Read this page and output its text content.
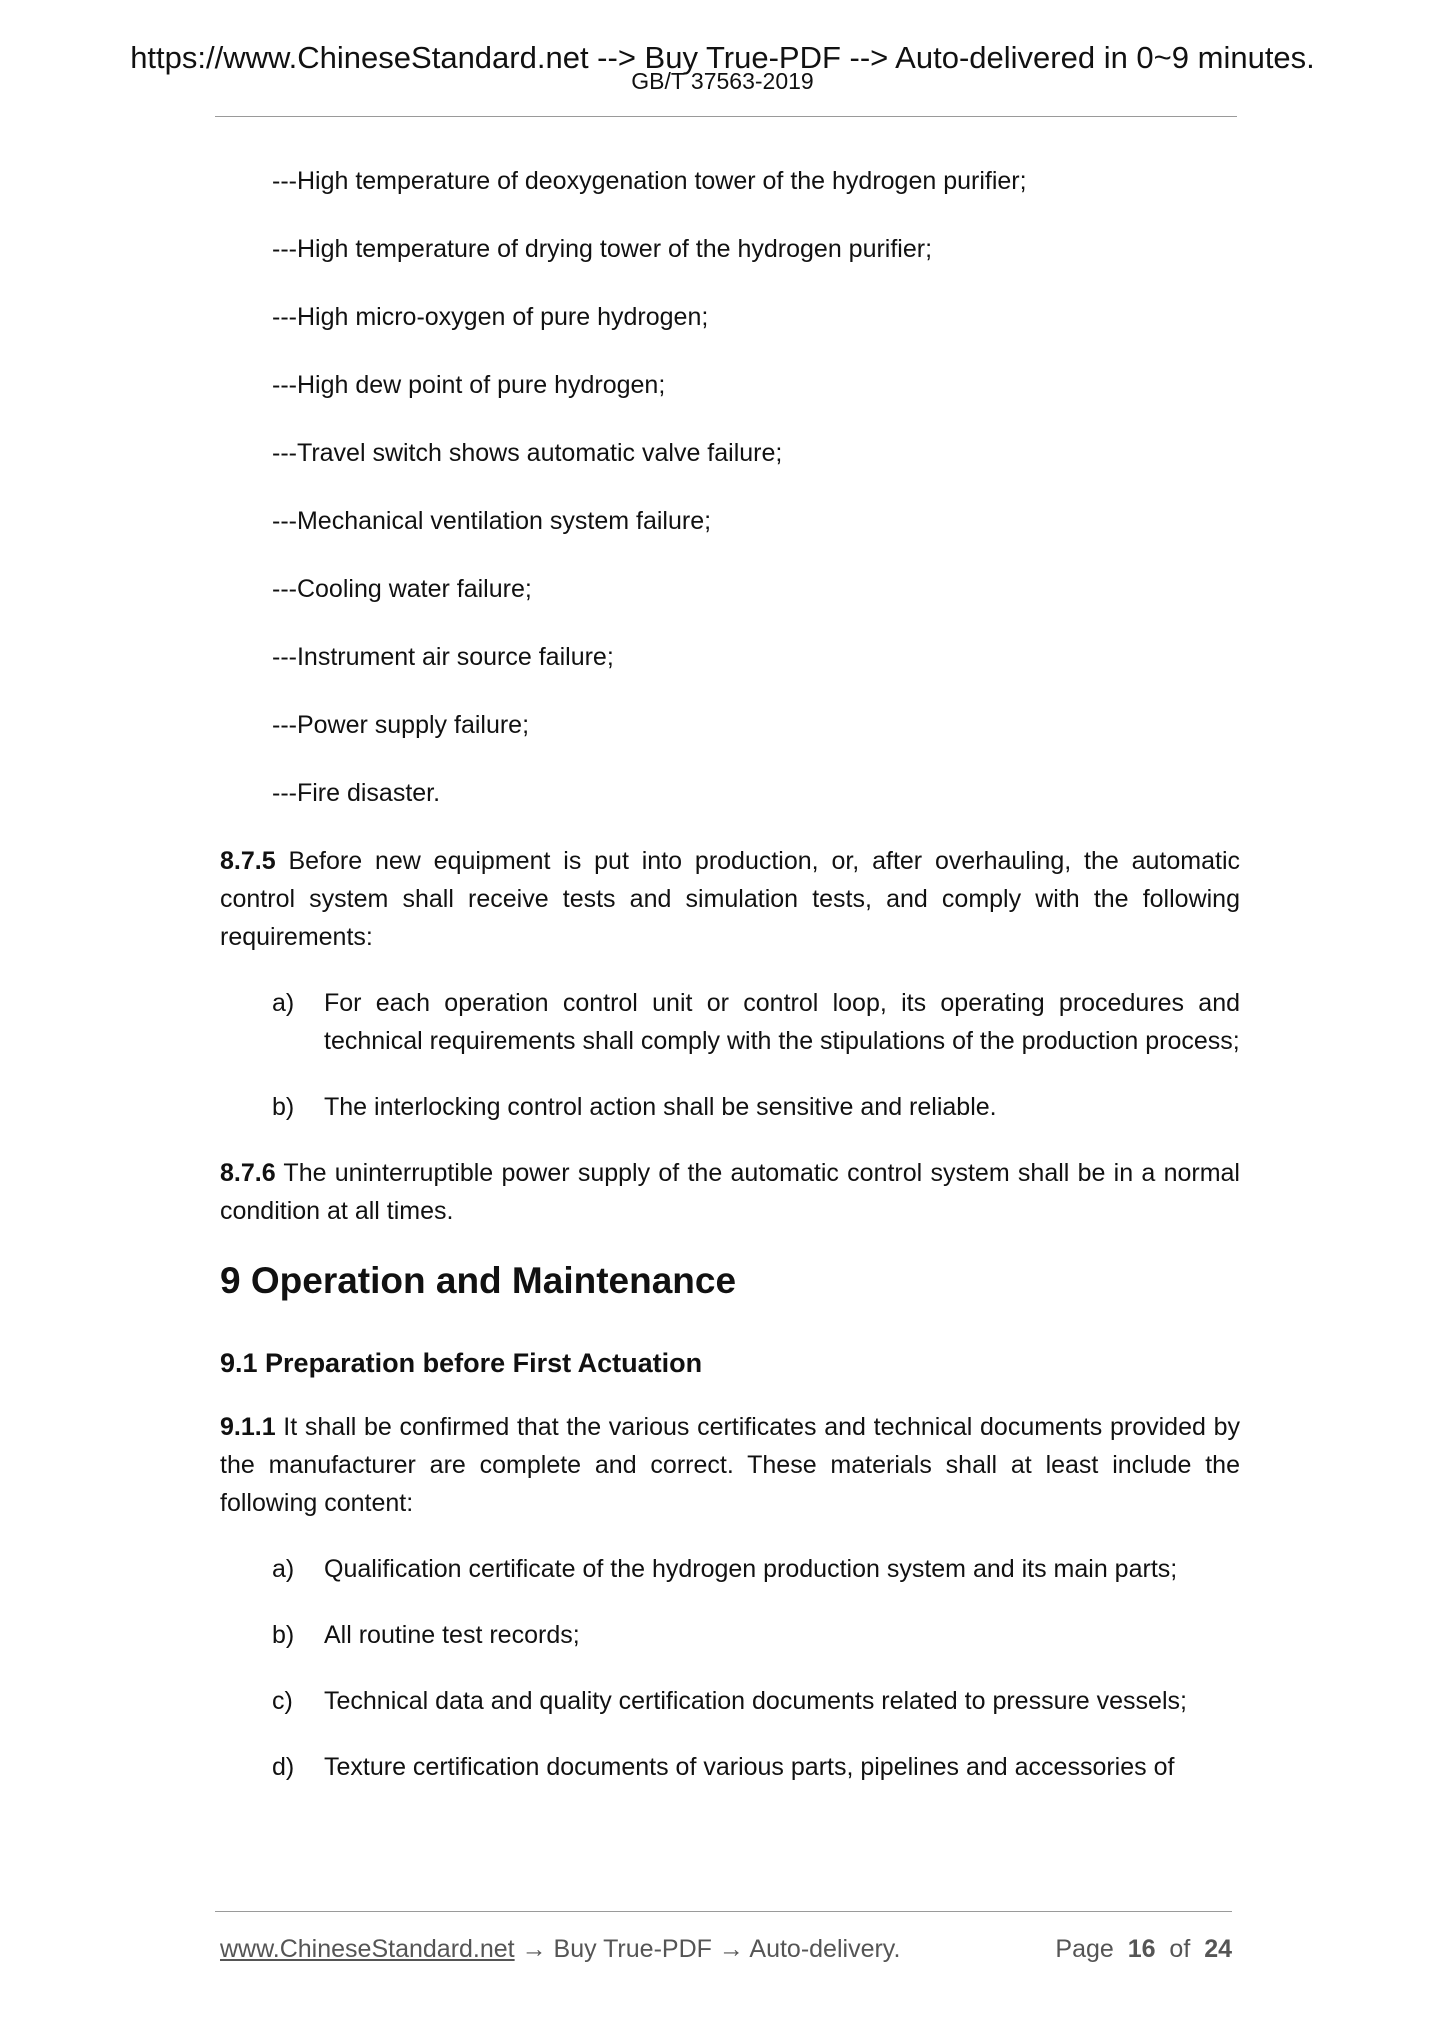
https://www.ChineseStandard.net --> Buy True-PDF --> Auto-delivered in 0~9 minutes.
GB/T 37563-2019
---High temperature of deoxygenation tower of the hydrogen purifier;
---High temperature of drying tower of the hydrogen purifier;
---High micro-oxygen of pure hydrogen;
---High dew point of pure hydrogen;
---Travel switch shows automatic valve failure;
---Mechanical ventilation system failure;
---Cooling water failure;
---Instrument air source failure;
---Power supply failure;
---Fire disaster.
8.7.5 Before new equipment is put into production, or, after overhauling, the automatic control system shall receive tests and simulation tests, and comply with the following requirements:
a)	For each operation control unit or control loop, its operating procedures and technical requirements shall comply with the stipulations of the production process;
b)	The interlocking control action shall be sensitive and reliable.
8.7.6 The uninterruptible power supply of the automatic control system shall be in a normal condition at all times.
9 Operation and Maintenance
9.1 Preparation before First Actuation
9.1.1 It shall be confirmed that the various certificates and technical documents provided by the manufacturer are complete and correct. These materials shall at least include the following content:
a)	Qualification certificate of the hydrogen production system and its main parts;
b)	All routine test records;
c)	Technical data and quality certification documents related to pressure vessels;
d)	Texture certification documents of various parts, pipelines and accessories of
www.ChineseStandard.net → Buy True-PDF → Auto-delivery.	Page 16 of 24
